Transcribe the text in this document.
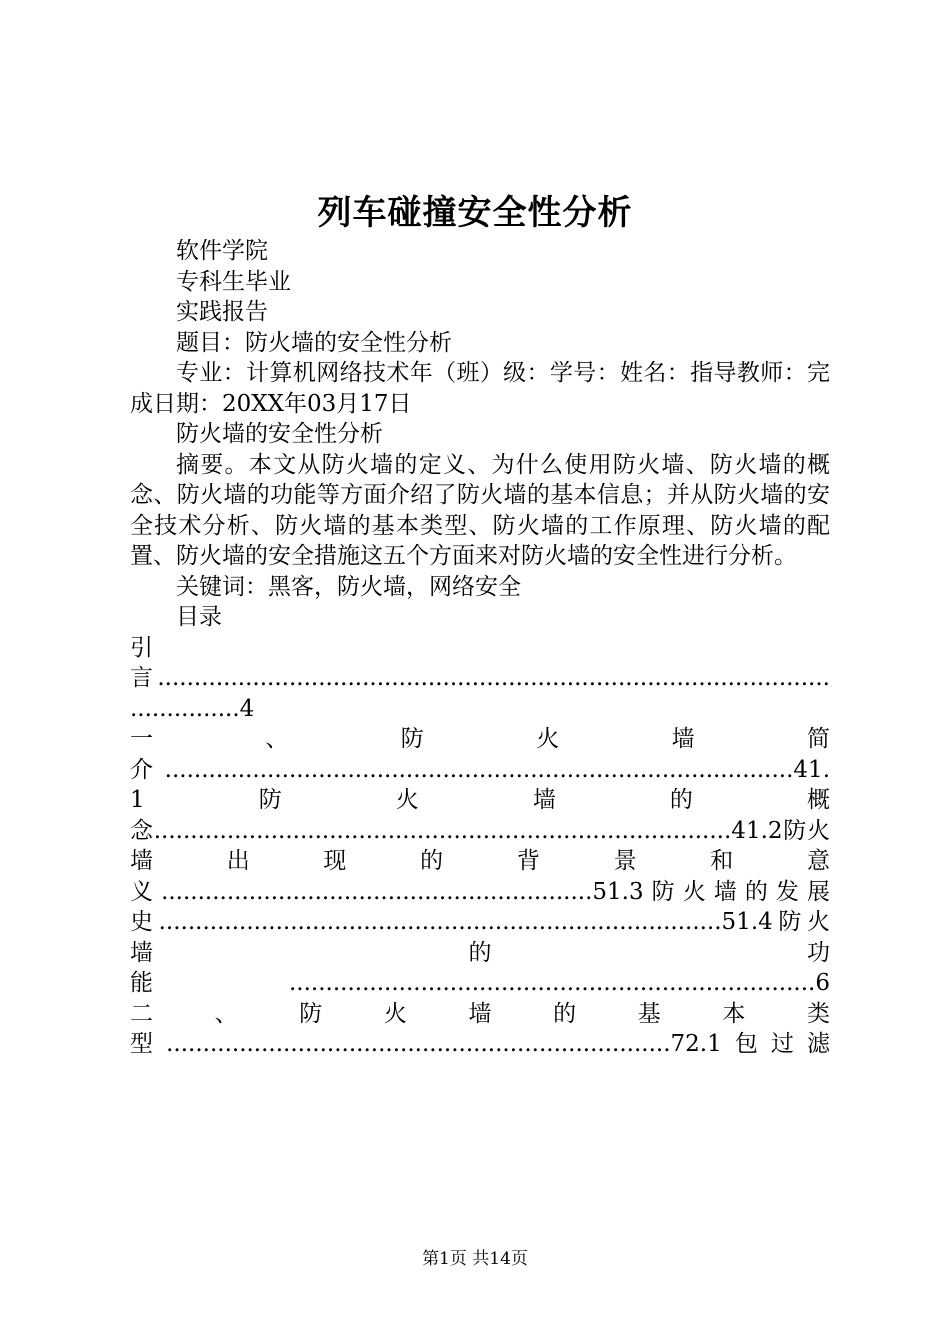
列车碰撞安全性分析

软件学院

专科生毕业

实践报告

题目：防火墙的安全性分析

专业：计算机网络技术年（班）级：学号：姓名：指导教师：完成日期：20XX年03月17日

防火墙的安全性分析

摘要。本文从防火墙的定义、为什么使用防火墙、防火墙的概念、防火墙的功能等方面介绍了防火墙的基本信息；并从防火墙的安全技术分析、防火墙的基本类型、防火墙的工作原理、防火墙的配置、防火墙的安全措施这五个方面来对防火墙的安全性进行分析。

关键词：黑客，防火墙，网络安全

目录

引

言...........................................................................................................4

一、防火墙简

介......................................................................................41.1防火墙的概

念...............................................................................41.2防火墙出现的背景和意

义...........................................................51.3防火墙的发展

史.............................................................................51.4防火墙的功

能........................................................................6

二、防火墙的基本类

型.....................................................................72.1包过滤

第1页 共14页
